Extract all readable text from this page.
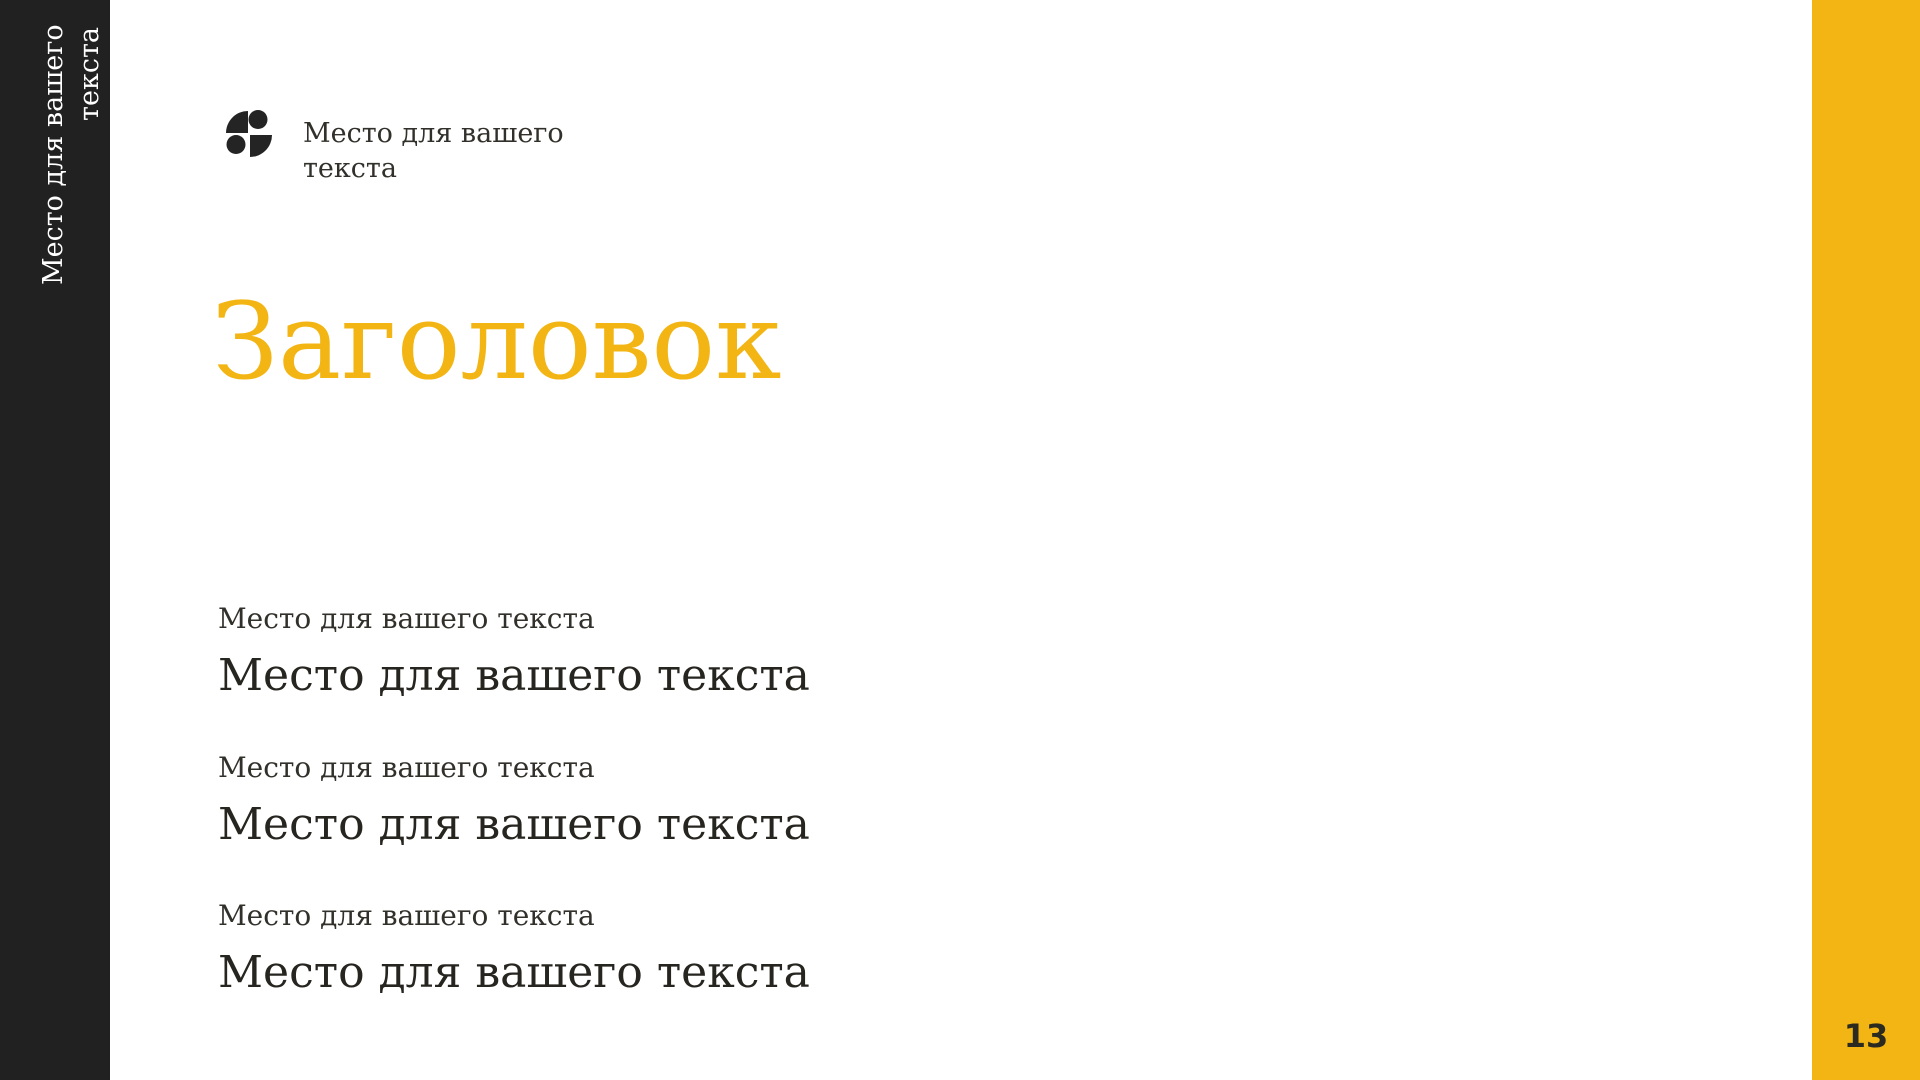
Место для вашего текста
Место для вашего
текста
Заголовок

Место для вашего текста

Место для вашего текста

Место для вашего текста

Место для вашего текста

Место для вашего текста

Место для вашего текста

13
